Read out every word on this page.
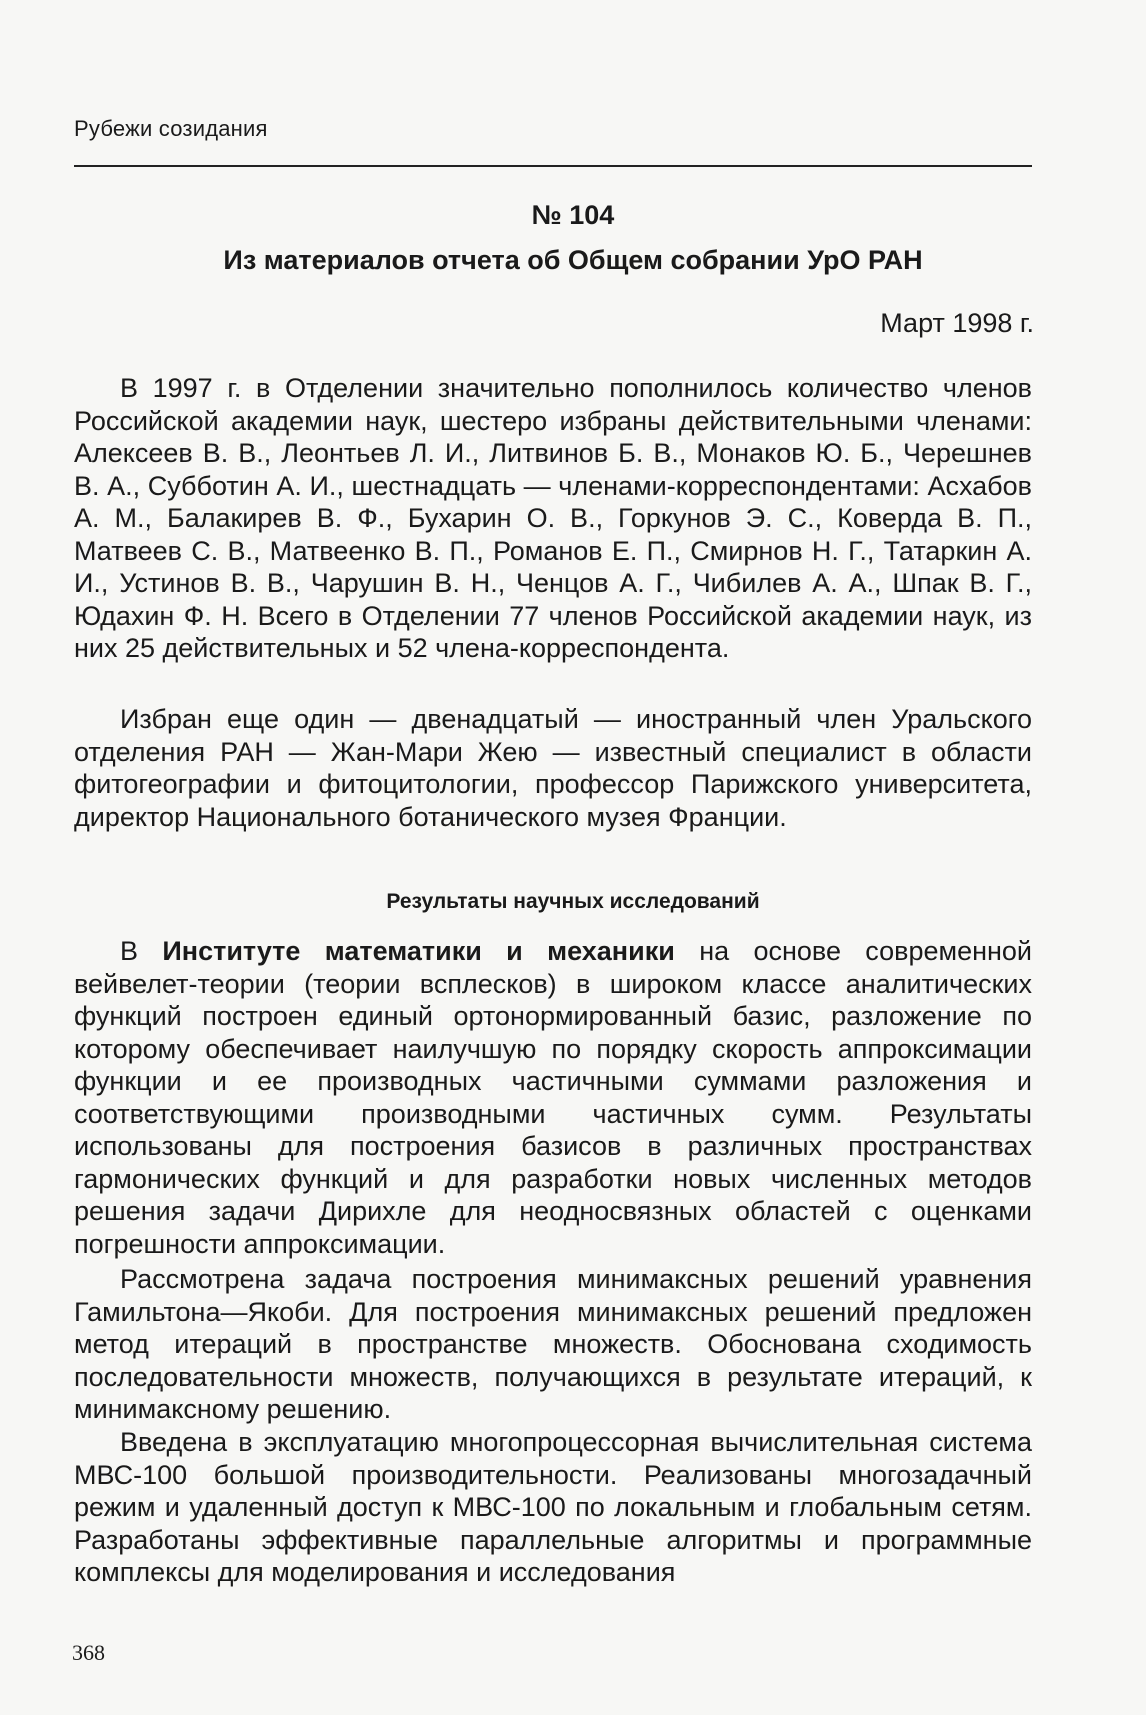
Рубежи созидания
№ 104
Из материалов отчета об Общем собрании УрО РАН
Март 1998 г.

В 1997 г. в Отделении значительно пополнилось количество членов Российской академии наук, шестеро избраны действительными членами: Алексеев В. В., Леонтьев Л. И., Литвинов Б. В., Монаков Ю. Б., Черешнев В. А., Субботин А. И., шестнадцать — членами-корреспондентами: Асхабов А. М., Балакирев В. Ф., Бухарин О. В., Горкунов Э. С., Коверда В. П., Матвеев С. В., Матвеенко В. П., Романов Е. П., Смирнов Н. Г., Татаркин А. И., Устинов В. В., Чарушин В. Н., Ченцов А. Г., Чибилев А. А., Шпак В. Г., Юдахин Ф. Н. Всего в Отделении 77 членов Российской академии наук, из них 25 действительных и 52 члена-корреспондента.

Избран еще один — двенадцатый — иностранный член Уральского отделения РАН — Жан-Мари Жею — известный специалист в области фитогеографии и фитоцитологии, профессор Парижского университета, директор Национального ботанического музея Франции.

Результаты научных исследований

В Институте математики и механики на основе современной вейвелет-теории (теории всплесков) в широком классе аналитических функций построен единый ортонормированный базис, разложение по которому обеспечивает наилучшую по порядку скорость аппроксимации функции и ее производных частичными суммами разложения и соответствующими производными частичных сумм. Результаты использованы для построения базисов в различных пространствах гармонических функций и для разработки новых численных методов решения задачи Дирихле для неодносвязных областей с оценками погрешности аппроксимации.

Рассмотрена задача построения минимаксных решений уравнения Гамильтона—Якоби. Для построения минимаксных решений предложен метод итераций в пространстве множеств. Обоснована сходимость последовательности множеств, получающихся в результате итераций, к минимаксному решению.

Введена в эксплуатацию многопроцессорная вычислительная система МВС-100 большой производительности. Реализованы многозадачный режим и удаленный доступ к МВС-100 по локальным и глобальным сетям. Разработаны эффективные параллельные алгоритмы и программные комплексы для моделирования и исследования

368
